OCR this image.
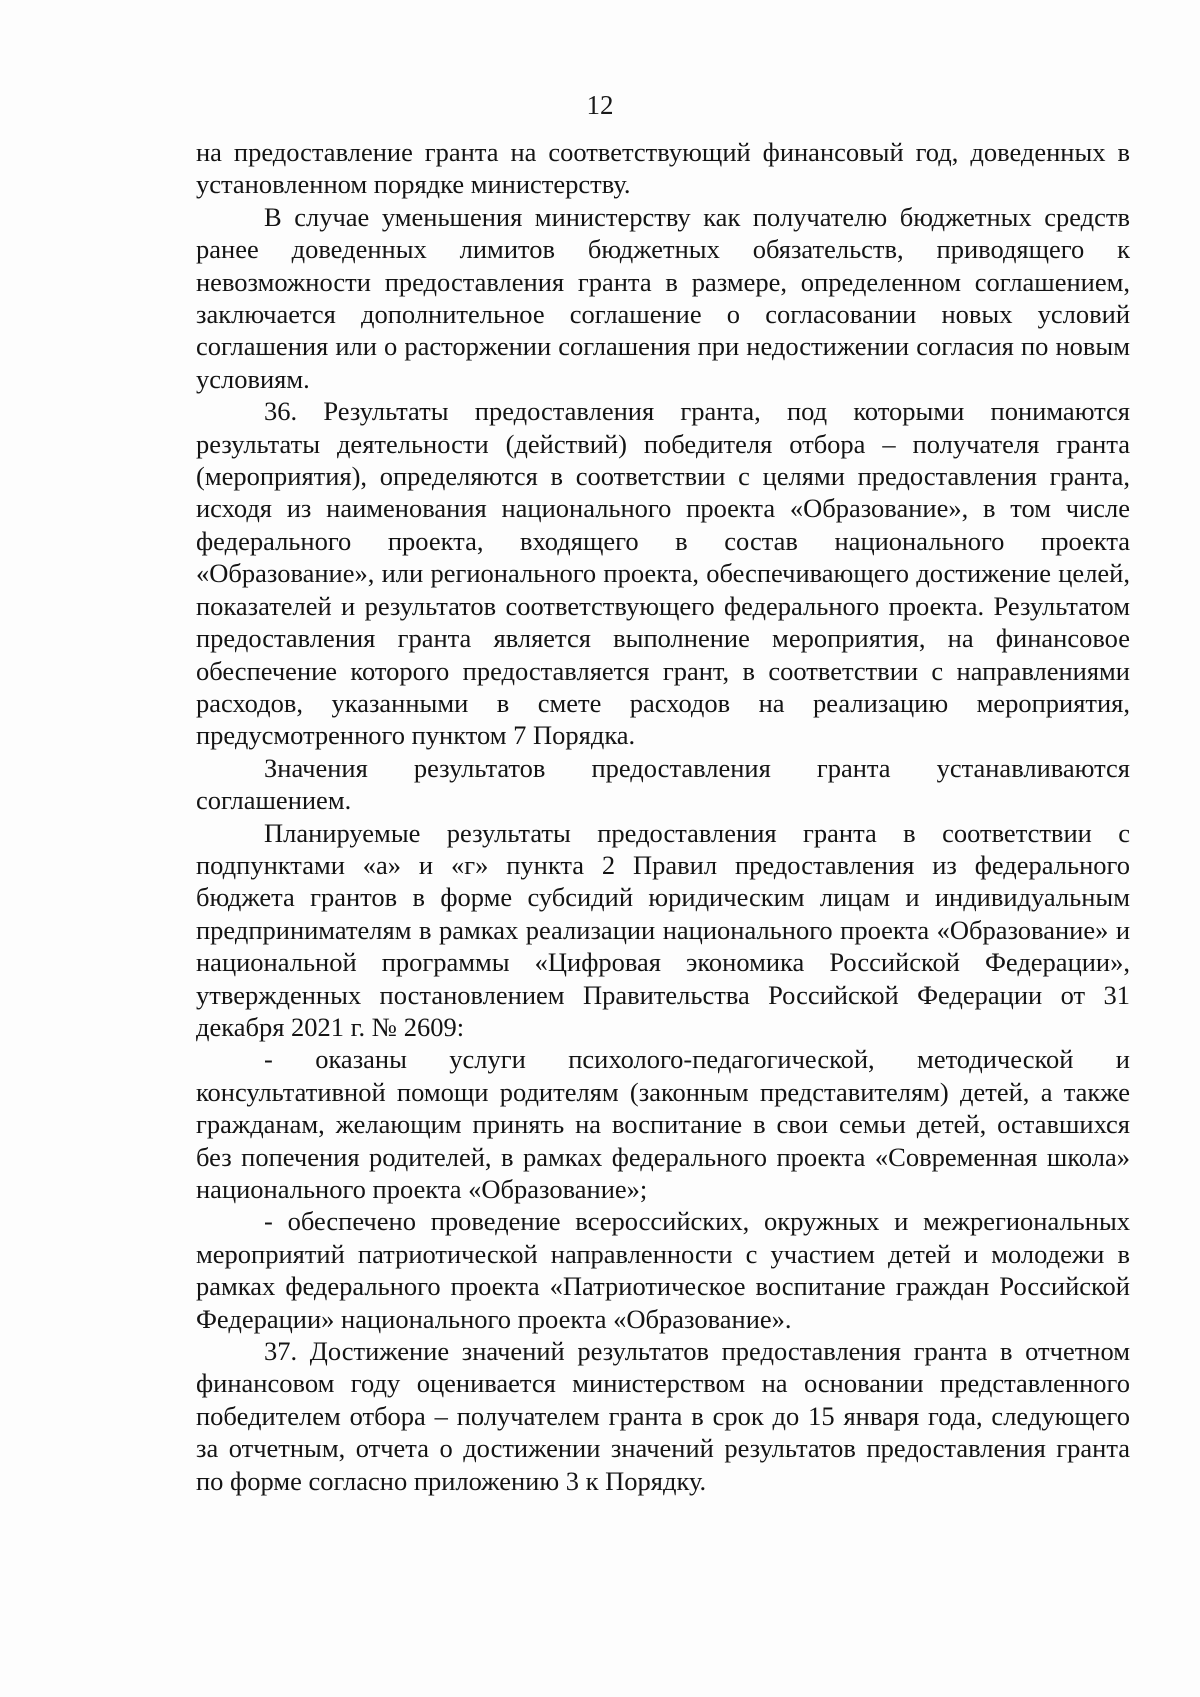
12

на предоставление гранта на соответствующий финансовый год, доведенных в установленном порядке министерству.

В случае уменьшения министерству как получателю бюджетных средств ранее доведенных лимитов бюджетных обязательств, приводящего к невозможности предоставления гранта в размере, определенном соглашением, заключается дополнительное соглашение о согласовании новых условий соглашения или о расторжении соглашения при недостижении согласия по новым условиям.

36. Результаты предоставления гранта, под которыми понимаются результаты деятельности (действий) победителя отбора – получателя гранта (мероприятия), определяются в соответствии с целями предоставления гранта, исходя из наименования национального проекта «Образование», в том числе федерального проекта, входящего в состав национального проекта «Образование», или регионального проекта, обеспечивающего достижение целей, показателей и результатов соответствующего федерального проекта. Результатом предоставления гранта является выполнение мероприятия, на финансовое обеспечение которого предоставляется грант, в соответствии с направлениями расходов, указанными в смете расходов на реализацию мероприятия, предусмотренного пунктом 7 Порядка.

Значения результатов предоставления гранта устанавливаются соглашением.

Планируемые результаты предоставления гранта в соответствии с подпунктами «а» и «г» пункта 2 Правил предоставления из федерального бюджета грантов в форме субсидий юридическим лицам и индивидуальным предпринимателям в рамках реализации национального проекта «Образование» и национальной программы «Цифровая экономика Российской Федерации», утвержденных постановлением Правительства Российской Федерации от 31 декабря 2021 г. № 2609:

- оказаны услуги психолого-педагогической, методической и консультативной помощи родителям (законным представителям) детей, а также гражданам, желающим принять на воспитание в свои семьи детей, оставшихся без попечения родителей, в рамках федерального проекта «Современная школа» национального проекта «Образование»;

- обеспечено проведение всероссийских, окружных и межрегиональных мероприятий патриотической направленности с участием детей и молодежи в рамках федерального проекта «Патриотическое воспитание граждан Российской Федерации» национального проекта «Образование».

37. Достижение значений результатов предоставления гранта в отчетном финансовом году оценивается министерством на основании представленного победителем отбора – получателем гранта в срок до 15 января года, следующего за отчетным, отчета о достижении значений результатов предоставления гранта по форме согласно приложению 3 к Порядку.
